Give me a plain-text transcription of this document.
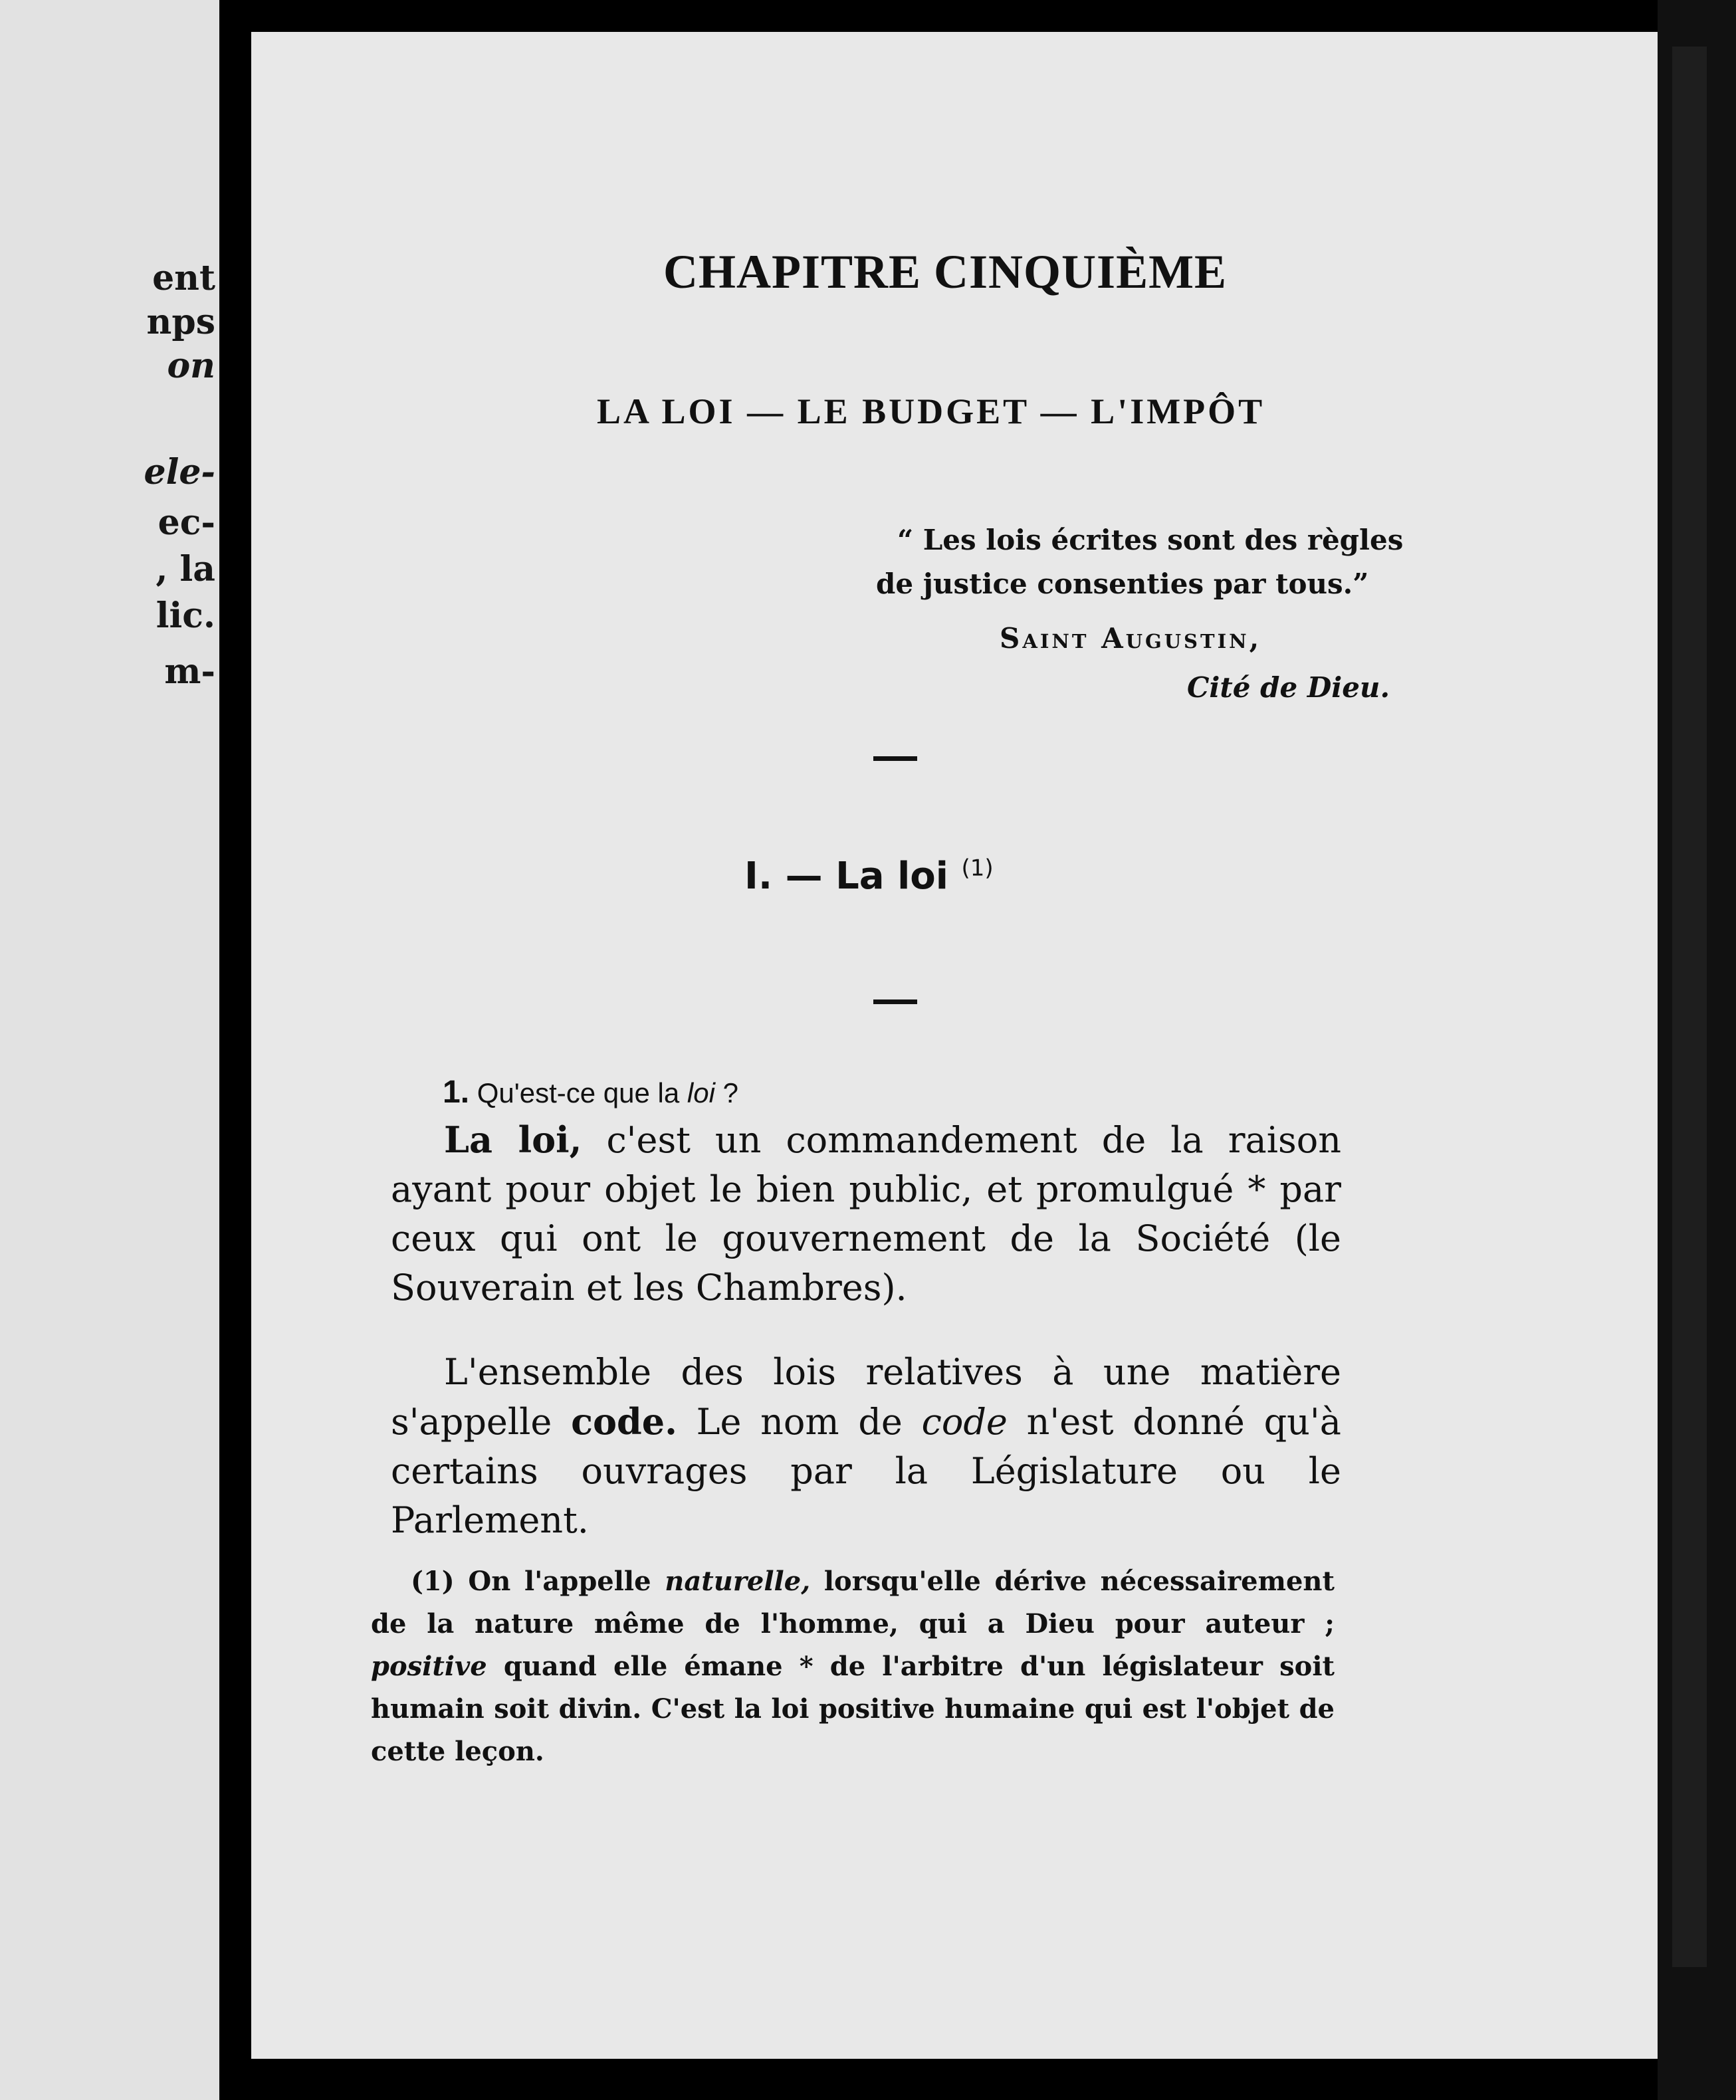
ent
nps
on
ele-
ec-
, la
lic.
m-
CHAPITRE CINQUIÈME
LA LOI — LE BUDGET — L'IMPÔT
“ Les lois écrites sont des règles
de justice consenties par tous.”
Saint Augustin,
Cité de Dieu.
I. — La loi $^{(1)}$
1. Qu'est-ce que la loi ?

La loi, c'est un commandement de la raison ayant pour objet le bien public, et promulgué * par ceux qui ont le gouvernement de la Société (le Souverain et les Chambres).

L'ensemble des lois relatives à une matière s'appelle code. Le nom de code n'est donné qu'à certains ouvrages par la Législature ou le Parlement.

(1) On l'appelle naturelle, lorsqu'elle dérive nécessairement de la nature même de l'homme, qui a Dieu pour auteur ; positive quand elle émane * de l'arbitre d'un législateur soit humain soit divin. C'est la loi positive humaine qui est l'objet de cette leçon.
